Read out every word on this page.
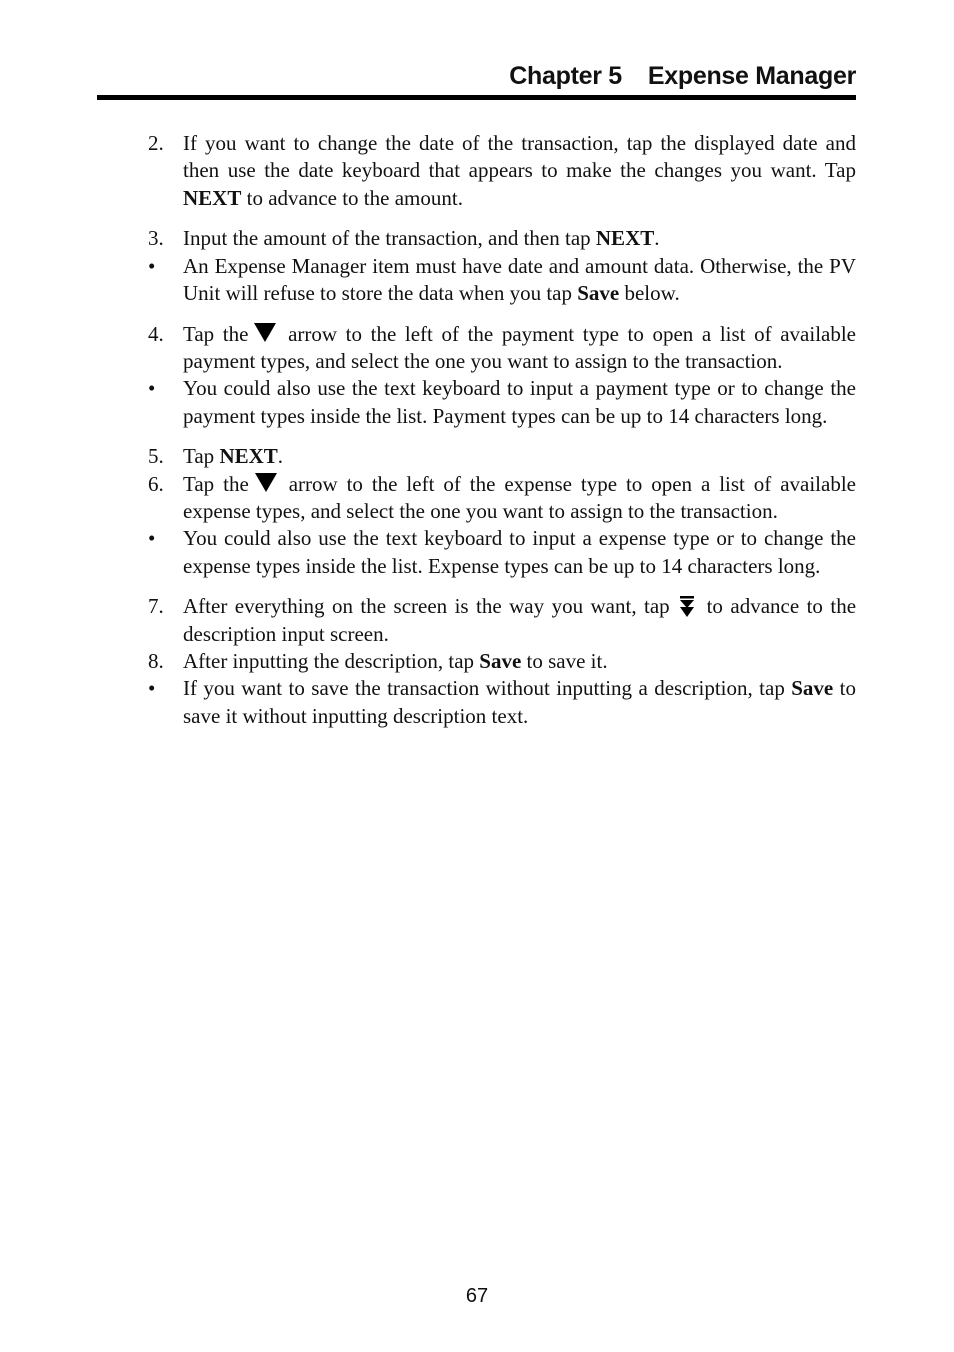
Chapter 5 Expense Manager
2. If you want to change the date of the transaction, tap the displayed date and then use the date keyboard that appears to make the changes you want. Tap NEXT to advance to the amount.
3. Input the amount of the transaction, and then tap NEXT.
• An Expense Manager item must have date and amount data. Otherwise, the PV Unit will refuse to store the data when you tap Save below.
4. Tap the arrow to the left of the payment type to open a list of available payment types, and select the one you want to assign to the transaction.
• You could also use the text keyboard to input a payment type or to change the payment types inside the list. Payment types can be up to 14 characters long.
5. Tap NEXT.
6. Tap the arrow to the left of the expense type to open a list of available expense types, and select the one you want to assign to the transaction.
• You could also use the text keyboard to input a expense type or to change the expense types inside the list. Expense types can be up to 14 characters long.
7. After everything on the screen is the way you want, tap to advance to the description input screen.
8. After inputting the description, tap Save to save it.
• If you want to save the transaction without inputting a description, tap Save to save it without inputting description text.
67
